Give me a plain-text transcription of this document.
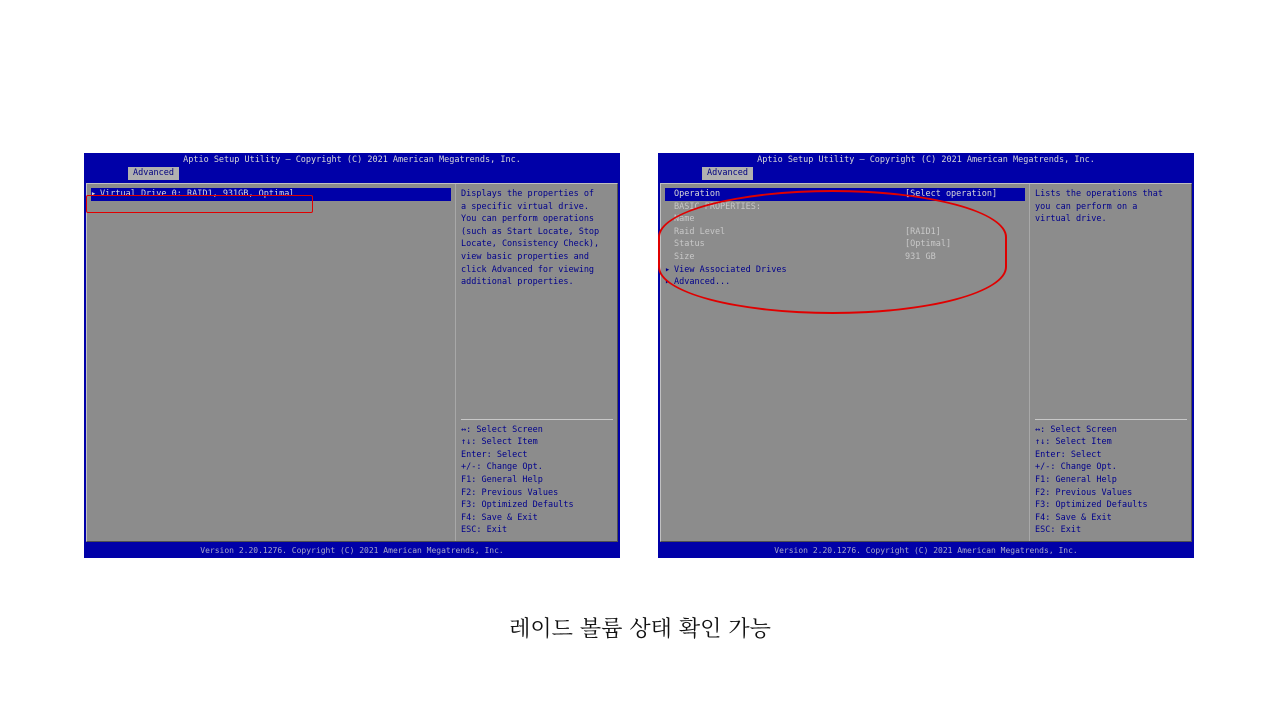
Aptio Setup Utility – Copyright (C) 2021 American Megatrends, Inc.
Advanced
▸ Virtual Drive 0: RAID1, 931GB, Optimal	Displays the properties of
a specific virtual drive.
You can perform operations
(such as Start Locate, Stop
Locate, Consistency Check),
view basic properties and
click Advanced for viewing
additional properties.
↔: Select Screen
↑↓: Select Item
Enter: Select
+/-: Change Opt.
F1: General Help
F2: Previous Values
F3: Optimized Defaults
F4: Save & Exit
ESC: Exit
Version 2.20.1276. Copyright (C) 2021 American Megatrends, Inc.
Aptio Setup Utility – Copyright (C) 2021 American Megatrends, Inc.
Advanced
Operation	[Select operation]
BASIC PROPERTIES:
Name
Raid Level	[RAID1]
Status	[Optimal]
Size	931 GB
▸ View Associated Drives
▸ Advanced...
Lists the operations that
you can perform on a
virtual drive.
↔: Select Screen
↑↓: Select Item
Enter: Select
+/-: Change Opt.
F1: General Help
F2: Previous Values
F3: Optimized Defaults
F4: Save & Exit
ESC: Exit
Version 2.20.1276. Copyright (C) 2021 American Megatrends, Inc.
레이드 볼륨 상태 확인 가능
